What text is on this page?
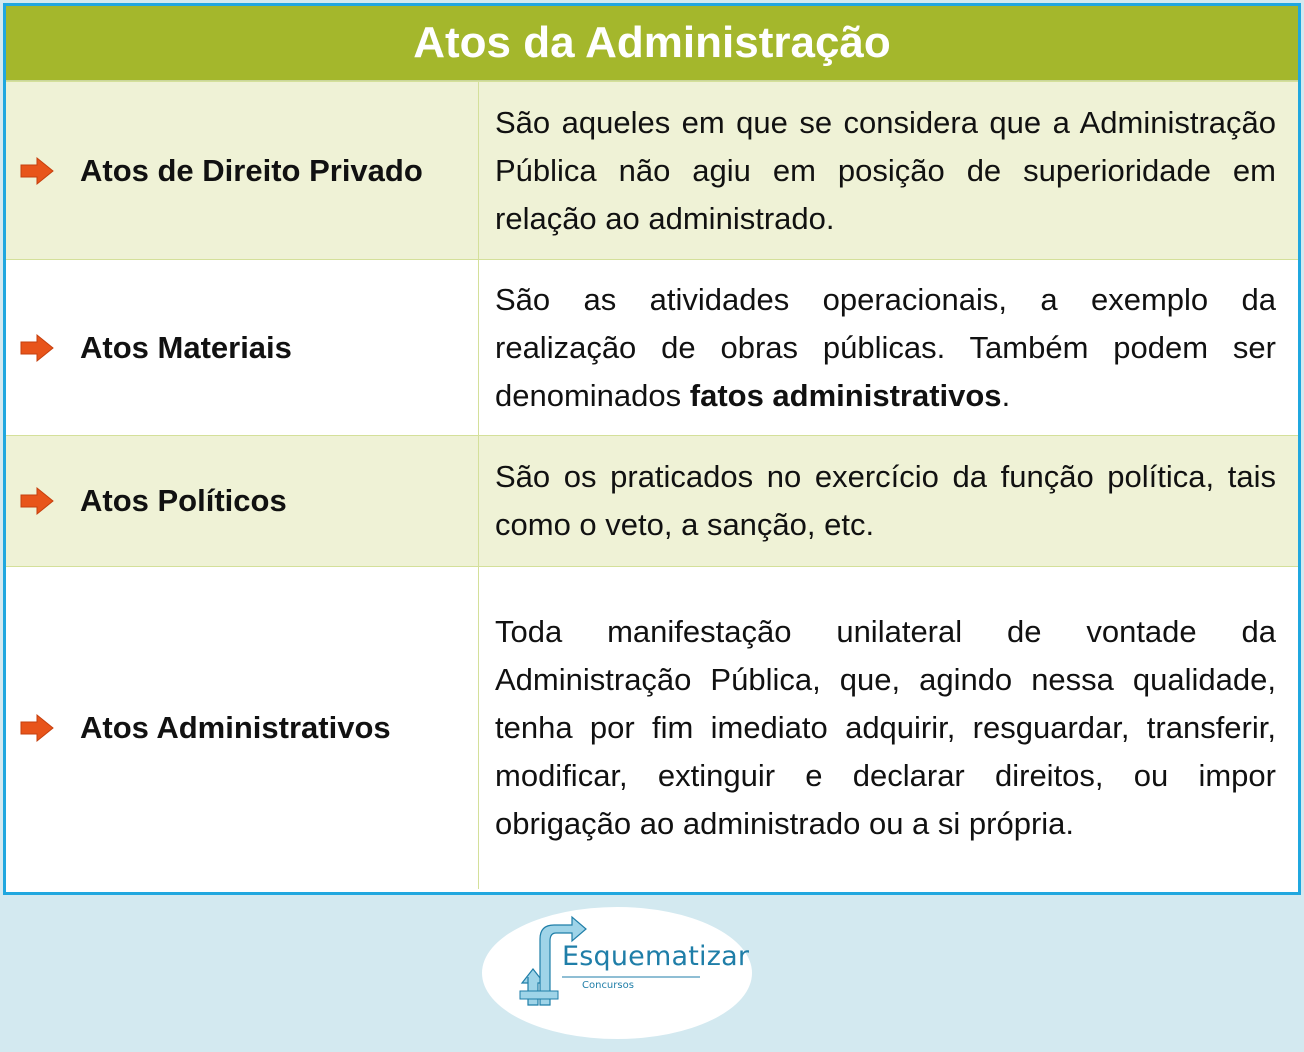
Atos da Administração
Atos de Direito Privado	São aqueles em que se considera que a Administração Pública não agiu em posição de superioridade em relação ao administrado.

Atos Materiais	São as atividades operacionais, a exemplo da realização de obras públicas. Também podem ser denominados fatos administrativos.

Atos Políticos	São os praticados no exercício da função política, tais como o veto, a sanção, etc.

Atos Administrativos	Toda manifestação unilateral de vontade da Administração Pública, que, agindo nessa qualidade, tenha por fim imediato adquirir, resguardar, transferir, modificar, extinguir e declarar direitos, ou impor obrigação ao administrado ou a si própria.
Esquematizar
Concursos
